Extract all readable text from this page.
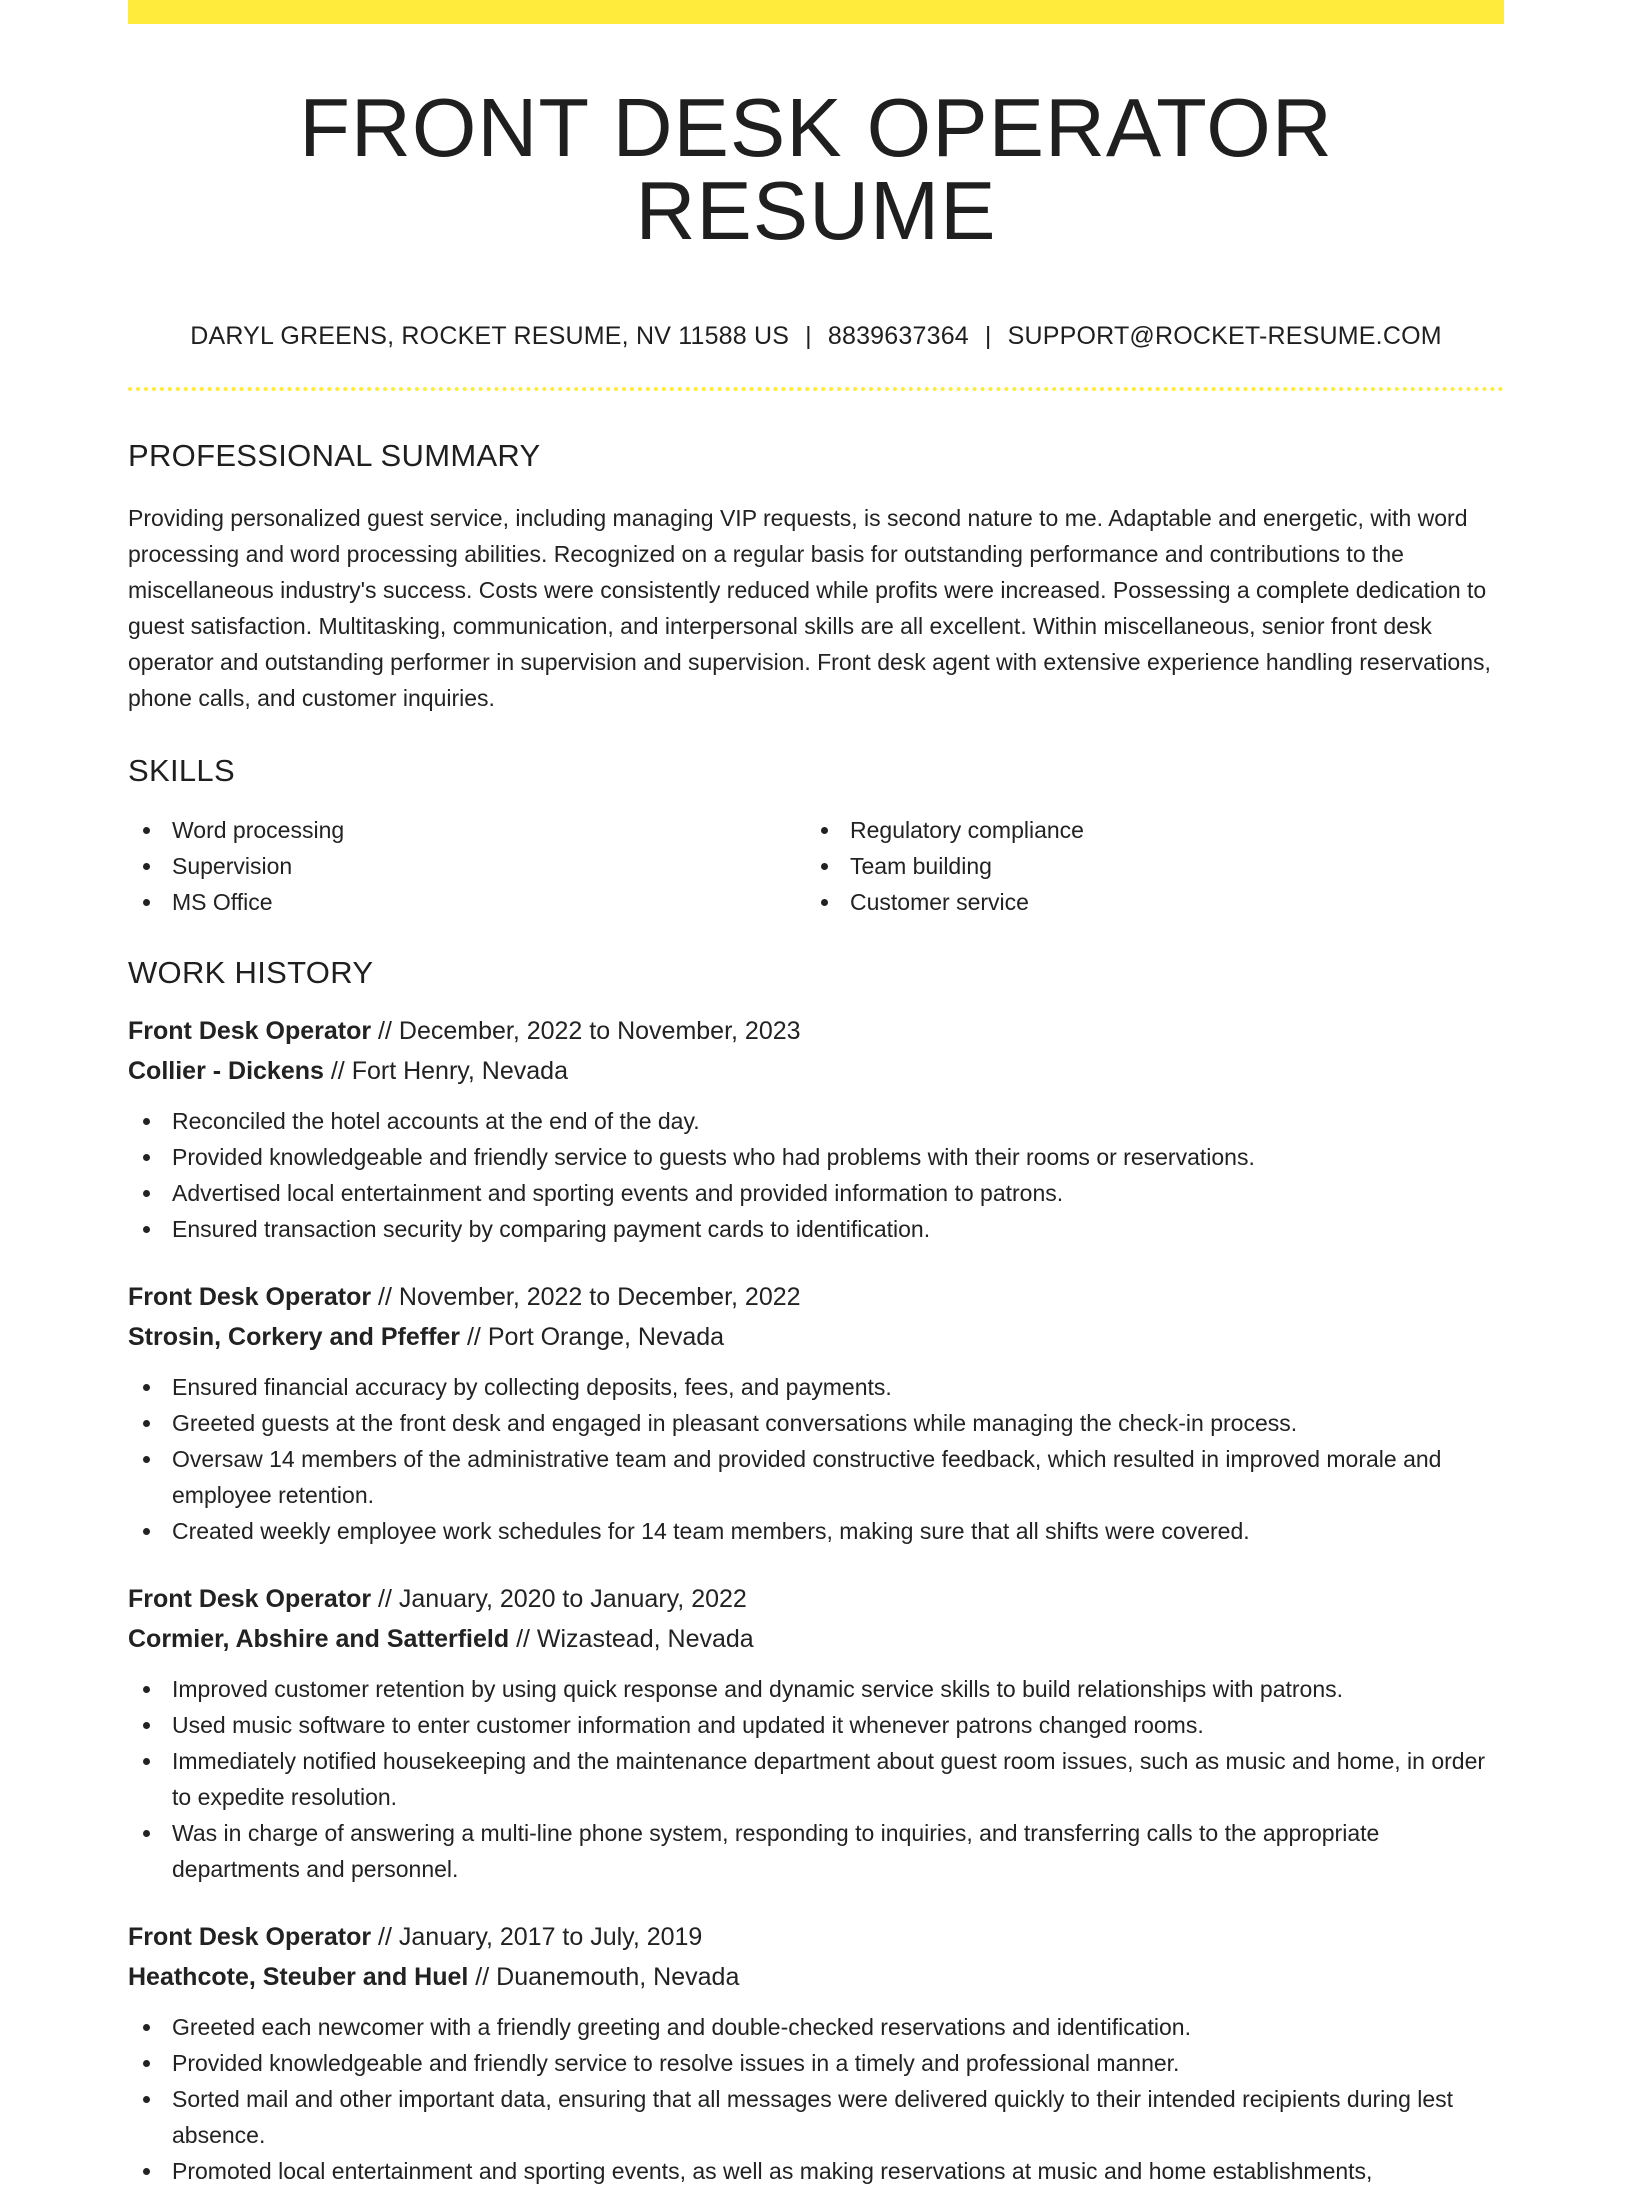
FRONT DESK OPERATOR RESUME
DARYL GREENS, ROCKET RESUME, NV 11588 US | 8839637364 | SUPPORT@ROCKET-RESUME.COM
PROFESSIONAL SUMMARY

Providing personalized guest service, including managing VIP requests, is second nature to me. Adaptable and energetic, with word processing and word processing abilities. Recognized on a regular basis for outstanding performance and contributions to the miscellaneous industry's success. Costs were consistently reduced while profits were increased. Possessing a complete dedication to guest satisfaction. Multitasking, communication, and interpersonal skills are all excellent. Within miscellaneous, senior front desk operator and outstanding performer in supervision and supervision. Front desk agent with extensive experience handling reservations, phone calls, and customer inquiries.

SKILLS
Word processing
Supervision
MS Office
Regulatory compliance
Team building
Customer service
WORK HISTORY
Front Desk Operator // December, 2022 to November, 2023
Collier - Dickens // Fort Henry, Nevada
Reconciled the hotel accounts at the end of the day.
Provided knowledgeable and friendly service to guests who had problems with their rooms or reservations.
Advertised local entertainment and sporting events and provided information to patrons.
Ensured transaction security by comparing payment cards to identification.
Front Desk Operator // November, 2022 to December, 2022
Strosin, Corkery and Pfeffer // Port Orange, Nevada
Ensured financial accuracy by collecting deposits, fees, and payments.
Greeted guests at the front desk and engaged in pleasant conversations while managing the check-in process.
Oversaw 14 members of the administrative team and provided constructive feedback, which resulted in improved morale and employee retention.
Created weekly employee work schedules for 14 team members, making sure that all shifts were covered.
Front Desk Operator // January, 2020 to January, 2022
Cormier, Abshire and Satterfield // Wizastead, Nevada
Improved customer retention by using quick response and dynamic service skills to build relationships with patrons.
Used music software to enter customer information and updated it whenever patrons changed rooms.
Immediately notified housekeeping and the maintenance department about guest room issues, such as music and home, in order to expedite resolution.
Was in charge of answering a multi-line phone system, responding to inquiries, and transferring calls to the appropriate departments and personnel.
Front Desk Operator // January, 2017 to July, 2019
Heathcote, Steuber and Huel // Duanemouth, Nevada
Greeted each newcomer with a friendly greeting and double-checked reservations and identification.
Provided knowledgeable and friendly service to resolve issues in a timely and professional manner.
Sorted mail and other important data, ensuring that all messages were delivered quickly to their intended recipients during lest absence.
Promoted local entertainment and sporting events, as well as making reservations at music and home establishments,
